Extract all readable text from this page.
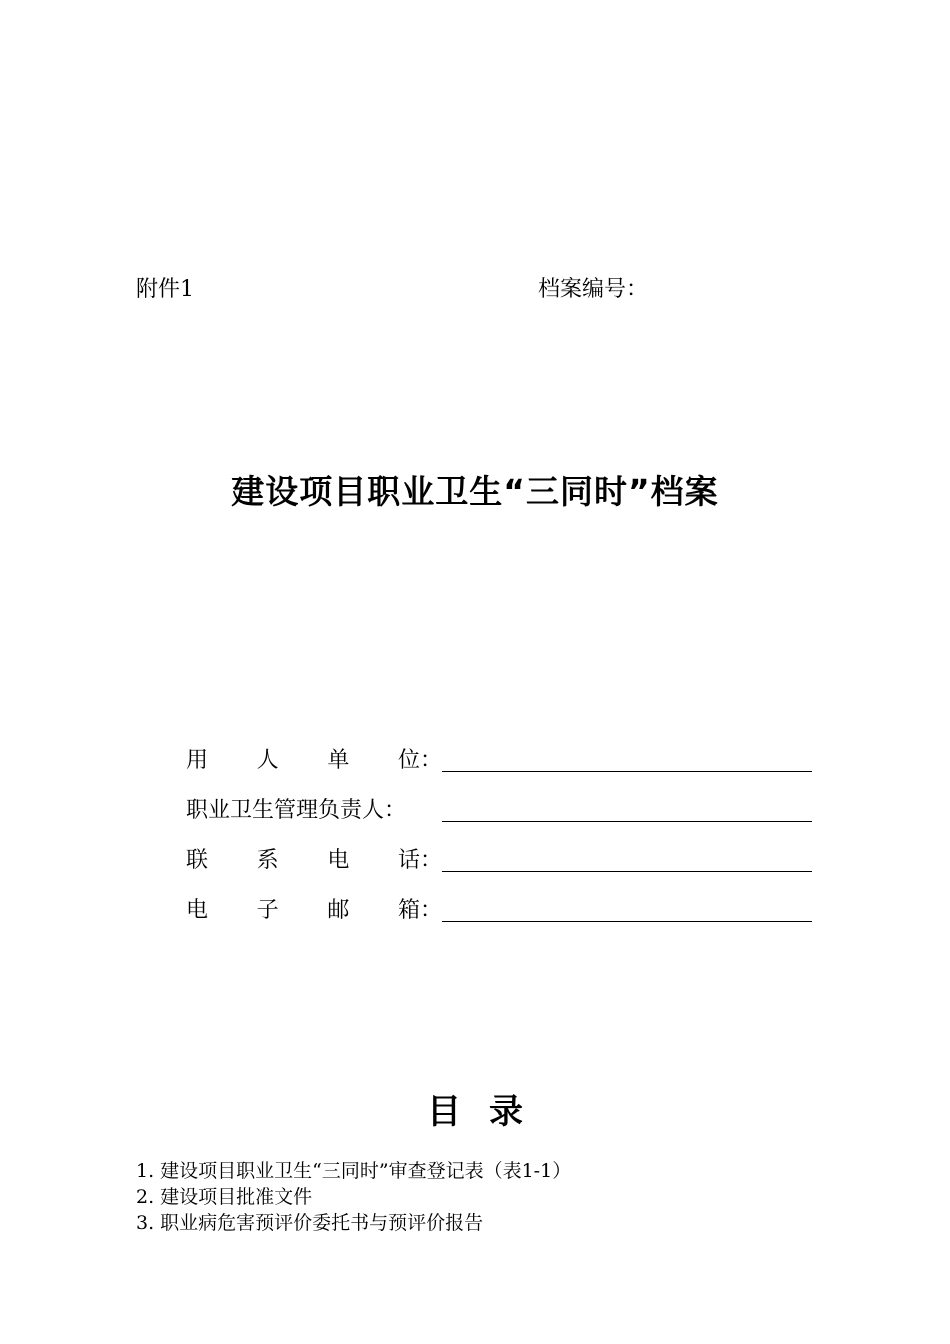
附件1	档案编号：
建设项目职业卫生“三同时”档案
用 人 单 位：
职业卫生管理负责人：
联 系 电 话：
电 子 邮 箱：
目录
1. 建设项目职业卫生“三同时”审查登记表（表1-1）
2. 建设项目批准文件
3. 职业病危害预评价委托书与预评价报告
